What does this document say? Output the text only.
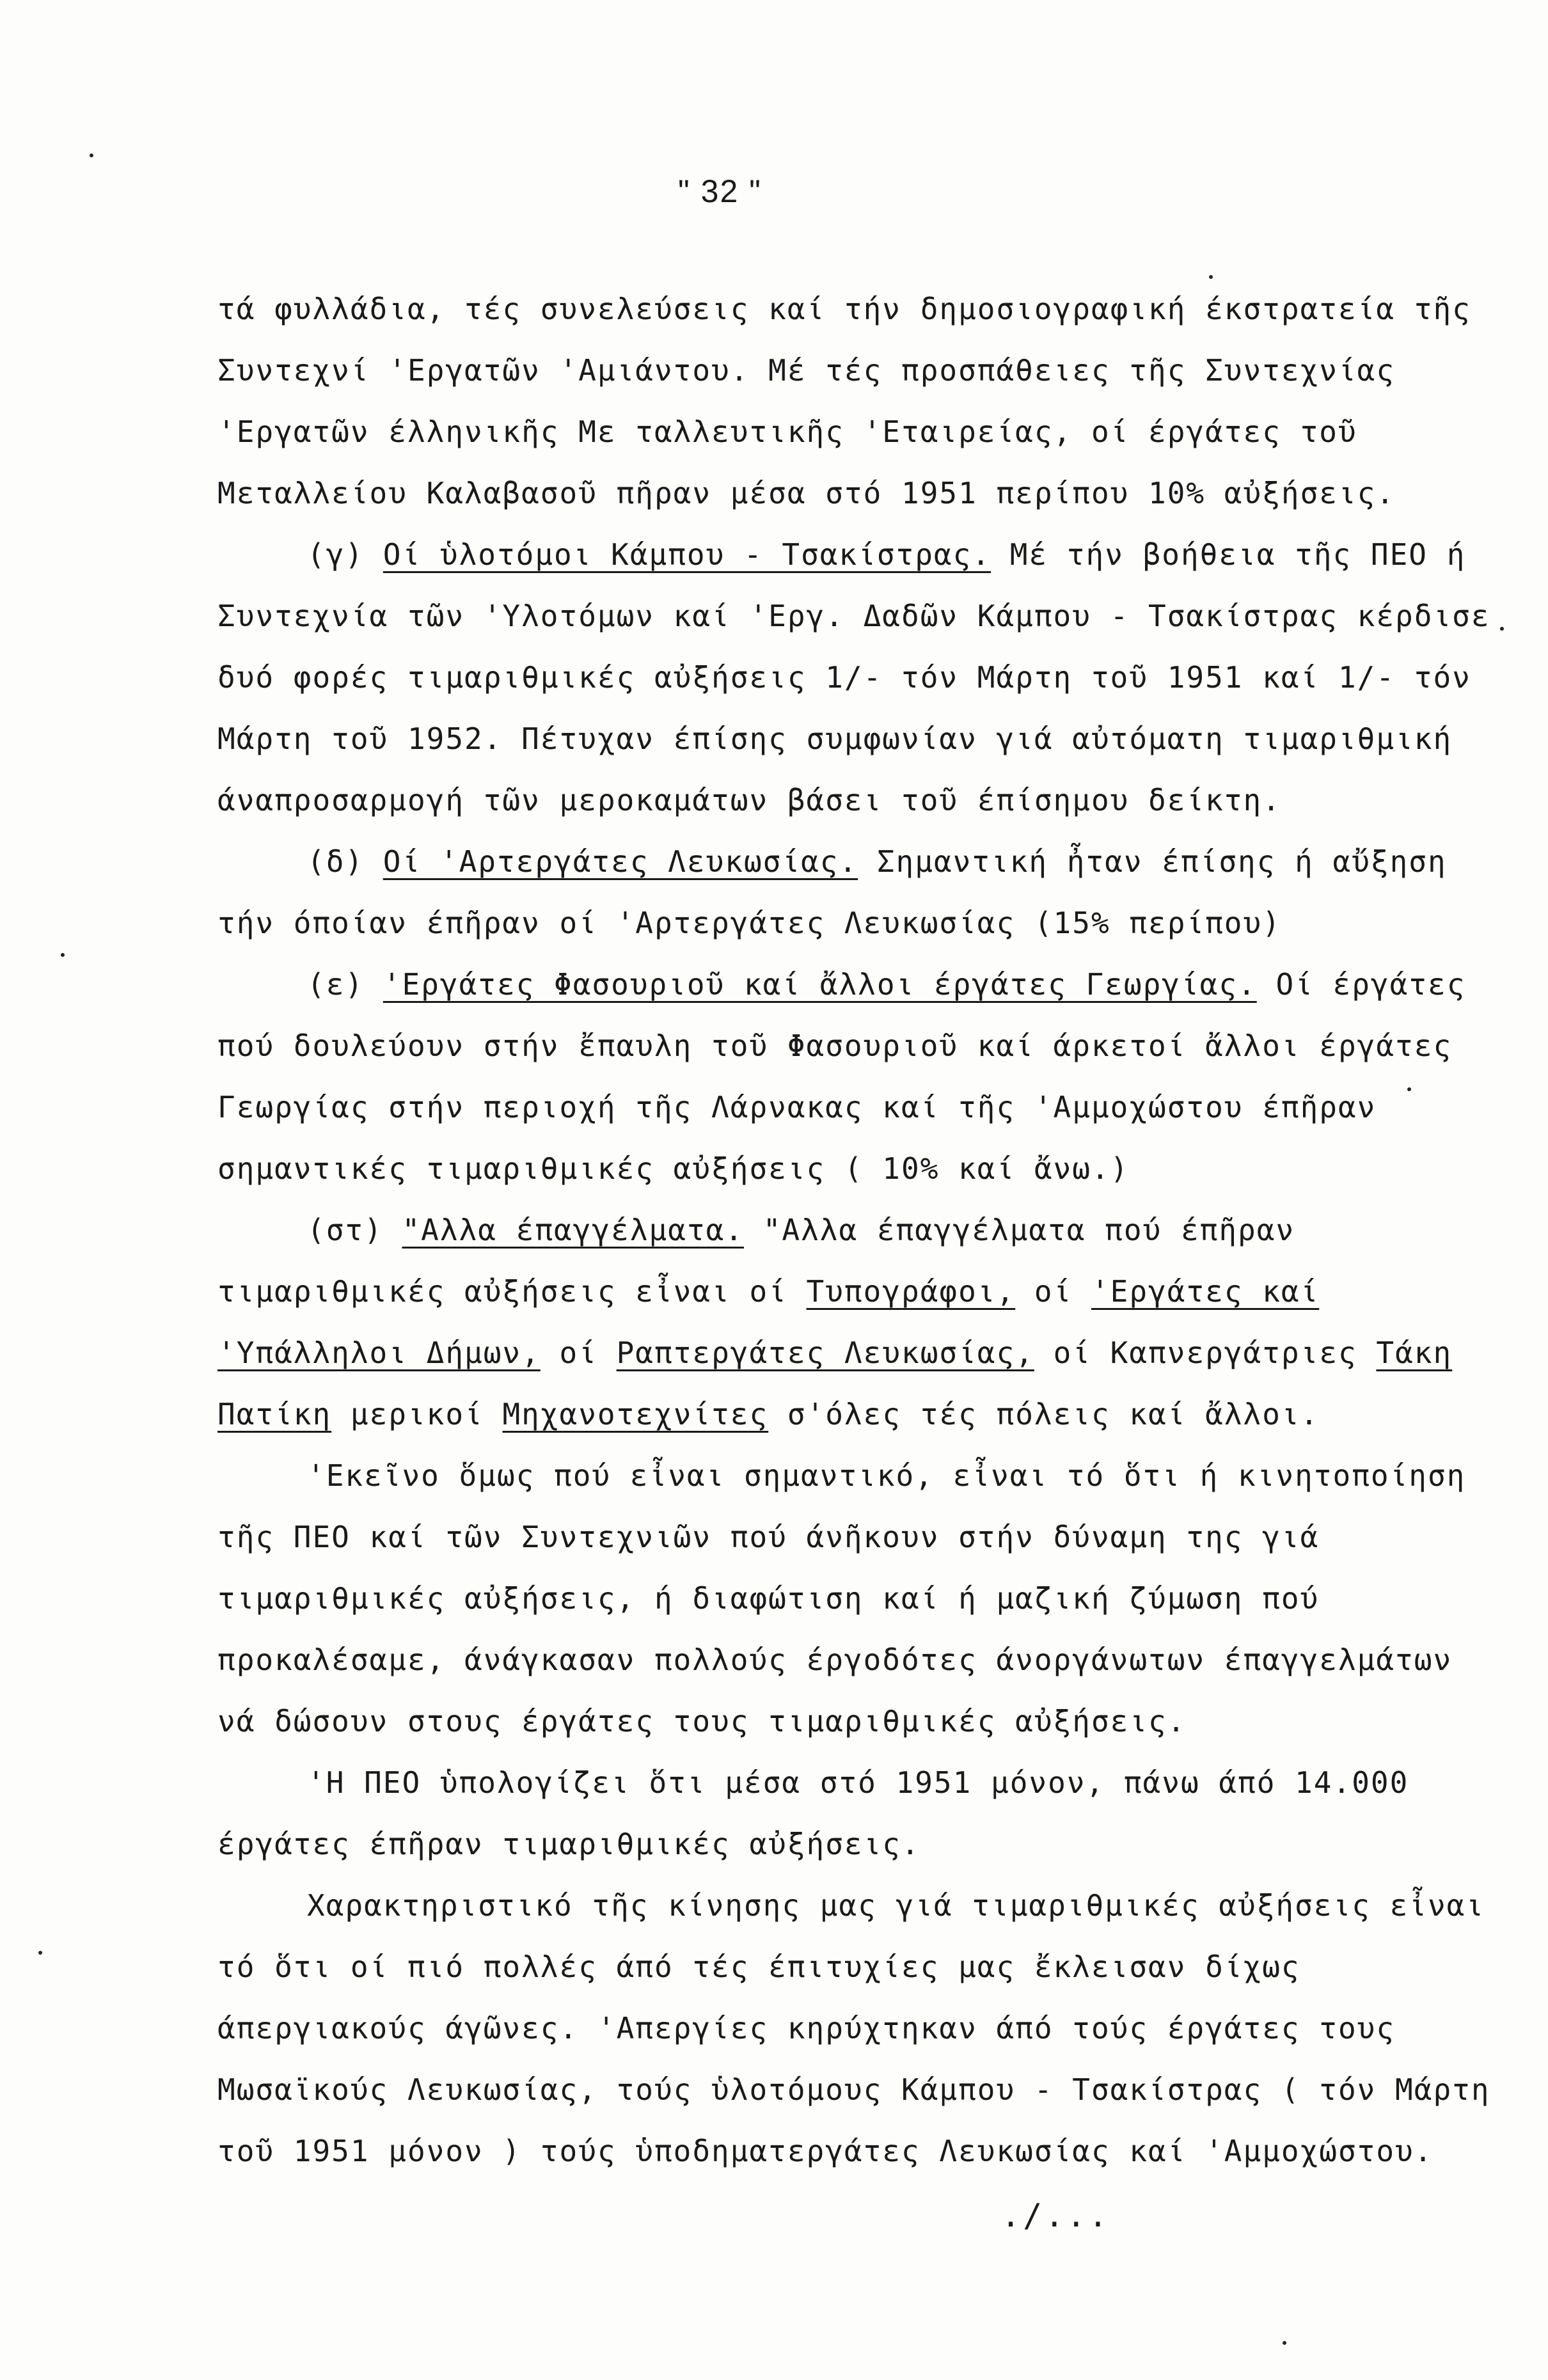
" 32 "

τά φυλλάδια, τές συνελεύσεις καί τήν δημοσιογραφική έκστρατεία τῆς Συντεχνί 'Εργατῶν 'Αμιάντου. Μέ τές προσπάθειες τῆς Συντεχνίας 'Εργατῶν έλληνικῆς Με ταλλευτικῆς 'Εταιρείας, οί έργάτες τοῦ Μεταλλείου Καλαβασοῦ πῆραν μέσα στό 1951 περίπου 10% αὐξήσεις.

(γ) Οί ὑλοτόμοι Κάμπου - Τσακίστρας. Μέ τήν βοήθεια τῆς ΠΕΟ ή Συντεχνία τῶν 'Υλοτόμων καί 'Εργ. Δαδῶν Κάμπου - Τσακίστρας κέρδισε δυό φορές τιμαριθμικές αὐξήσεις 1/- τόν Μάρτη τοῦ 1951 καί 1/- τόν Μάρτη τοῦ 1952. Πέτυχαν έπίσης συμφωνίαν γιά αὐτόματη τιμαριθμική άναπροσαρμογή τῶν μεροκαμάτων βάσει τοῦ έπίσημου δείκτη.

(δ) Οί 'Αρτεργάτες Λευκωσίας. Σημαντική ἦταν έπίσης ή αὔξηση τήν όποίαν έπῆραν οί 'Αρτεργάτες Λευκωσίας (15% περίπου)

(ε) 'Εργάτες Φασουριοῦ καί ἄλλοι έργάτες Γεωργίας. Οί έργάτες πού δουλεύουν στήν ἔπαυλη τοῦ Φασουριοῦ καί άρκετοί ἄλλοι έργάτες Γεωργίας στήν περιοχή τῆς Λάρνακας καί τῆς 'Αμμοχώστου έπῆραν σημαντικές τιμαριθμικές αὐξήσεις ( 10% καί ἄνω.)

(στ) "Αλλα έπαγγέλματα. "Αλλα έπαγγέλματα πού έπῆραν τιμαριθμικές αὐξήσεις εἶναι οί Τυπογράφοι, οί 'Εργάτες καί 'Υπάλληλοι Δήμων, οί Ραπτεργάτες Λευκωσίας, οί Καπνεργάτριες Τάκη Πατίκη μερικοί Μηχανοτεχνίτες σ'όλες τές πόλεις καί ἄλλοι.

'Εκεῖνο ὅμως πού εἶναι σημαντικό, εἶναι τό ὅτι ή κινητοποίηση τῆς ΠΕΟ καί τῶν Συντεχνιῶν πού άνῆκουν στήν δύναμη της γιά τιμαριθμικές αὐξήσεις, ή διαφώτιση καί ή μαζική ζύμωση πού προκαλέσαμε, άνάγκασαν πολλούς έργοδότες άνοργάνωτων έπαγγελμάτων νά δώσουν στους έργάτες τους τιμαριθμικές αὐξήσεις.

'Η ΠΕΟ ὑπολογίζει ὅτι μέσα στό 1951 μόνον, πάνω άπό 14.000 έργάτες έπῆραν τιμαριθμικές αὐξήσεις.

Χαρακτηριστικό τῆς κίνησης μας γιά τιμαριθμικές αὐξήσεις εἶναι τό ὅτι οί πιό πολλές άπό τές έπιτυχίες μας ἔκλεισαν δίχως άπεργιακούς άγῶνες. 'Απεργίες κηρύχτηκαν άπό τούς έργάτες τους Μωσαϊκούς Λευκωσίας, τούς ὑλοτόμους Κάμπου - Τσακίστρας ( τόν Μάρτη τοῦ 1951 μόνον ) τούς ὑποδηματεργάτες Λευκωσίας καί 'Αμμοχώστου.

.∕...
